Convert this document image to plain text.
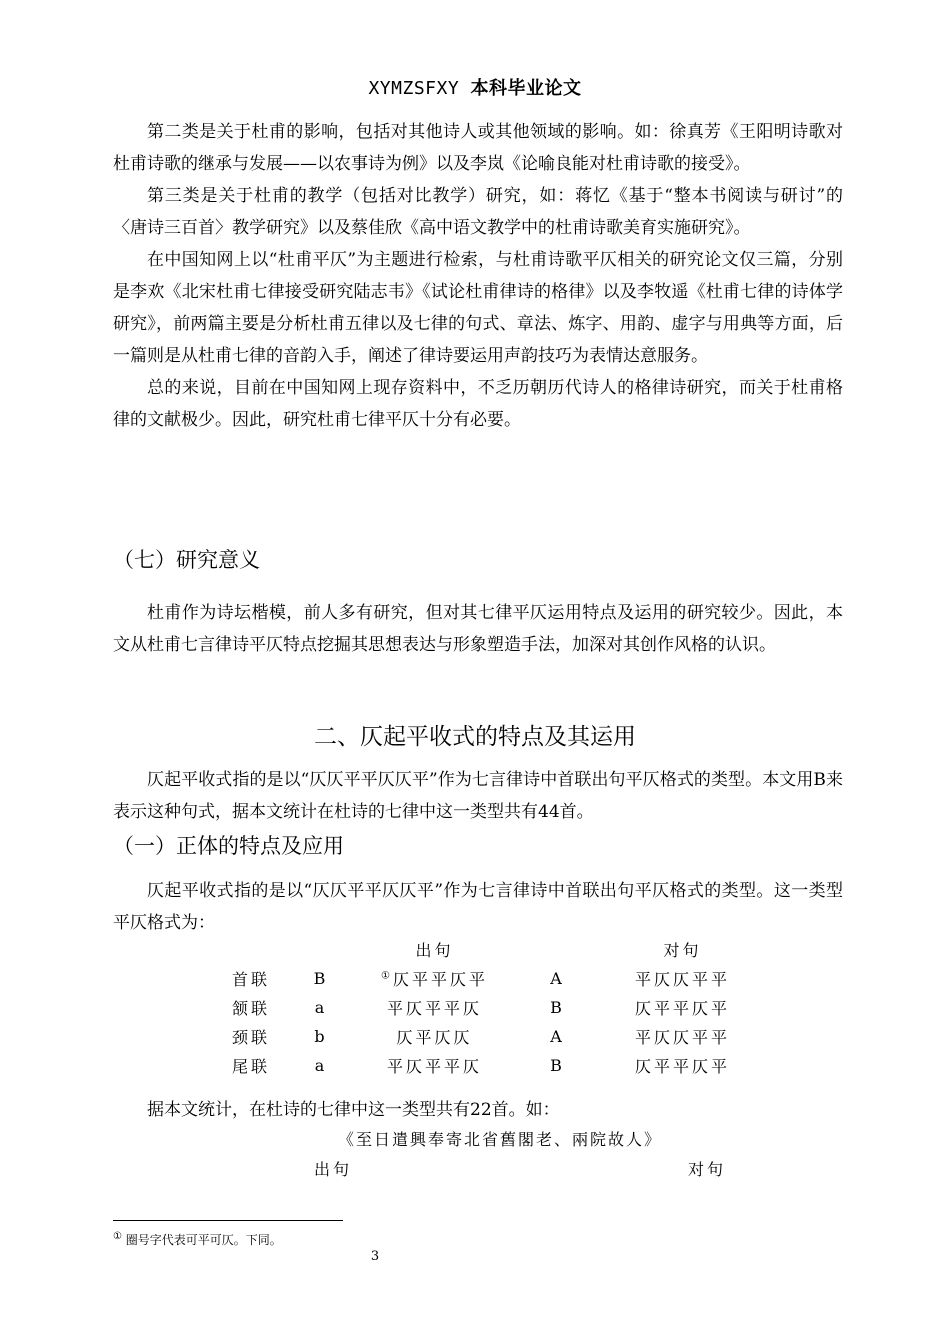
XYMZSFXY 本科毕业论文

第二类是关于杜甫的影响，包括对其他诗人或其他领域的影响。如：徐真芳《王阳明诗歌对杜甫诗歌的继承与发展——以农事诗为例》以及李岚《论喻良能对杜甫诗歌的接受》。

第三类是关于杜甫的教学（包括对比教学）研究，如：蒋忆《基于“整本书阅读与研讨”的〈唐诗三百首〉教学研究》以及蔡佳欣《高中语文教学中的杜甫诗歌美育实施研究》。

在中国知网上以“杜甫平仄”为主题进行检索，与杜甫诗歌平仄相关的研究论文仅三篇，分别是李欢《北宋杜甫七律接受研究陆志韦》《试论杜甫律诗的格律》以及李牧遥《杜甫七律的诗体学研究》，前两篇主要是分析杜甫五律以及七律的句式、章法、炼字、用韵、虚字与用典等方面，后一篇则是从杜甫七律的音韵入手，阐述了律诗要运用声韵技巧为表情达意服务。

总的来说，目前在中国知网上现存资料中，不乏历朝历代诗人的格律诗研究，而关于杜甫格律的文献极少。因此，研究杜甫七律平仄十分有必要。

（七）研究意义

杜甫作为诗坛楷模，前人多有研究，但对其七律平仄运用特点及运用的研究较少。因此，本文从杜甫七言律诗平仄特点挖掘其思想表达与形象塑造手法，加深对其创作风格的认识。

二、仄起平收式的特点及其运用

仄起平收式指的是以“仄仄平平仄仄平”作为七言律诗中首联出句平仄格式的类型。本文用B来表示这种句式，据本文统计在杜诗的七律中这一类型共有44首。

（一）正体的特点及应用

仄起平收式指的是以“仄仄平平仄仄平”作为七言律诗中首联出句平仄格式的类型。这一类型平仄格式为：

		出句		对句
首联	B	①仄平平仄平	A	平仄仄平平
颔联	a	平仄平平仄	B	仄平平仄平
颈联	b	仄平仄仄	A	平仄仄平平
尾联	a	平仄平平仄	B	仄平平仄平

据本文统计，在杜诗的七律中这一类型共有22首。如：

《至日遣興奉寄北省舊閣老、兩院故人》
出句	对句
① 圈号字代表可平可仄。下同。
3
